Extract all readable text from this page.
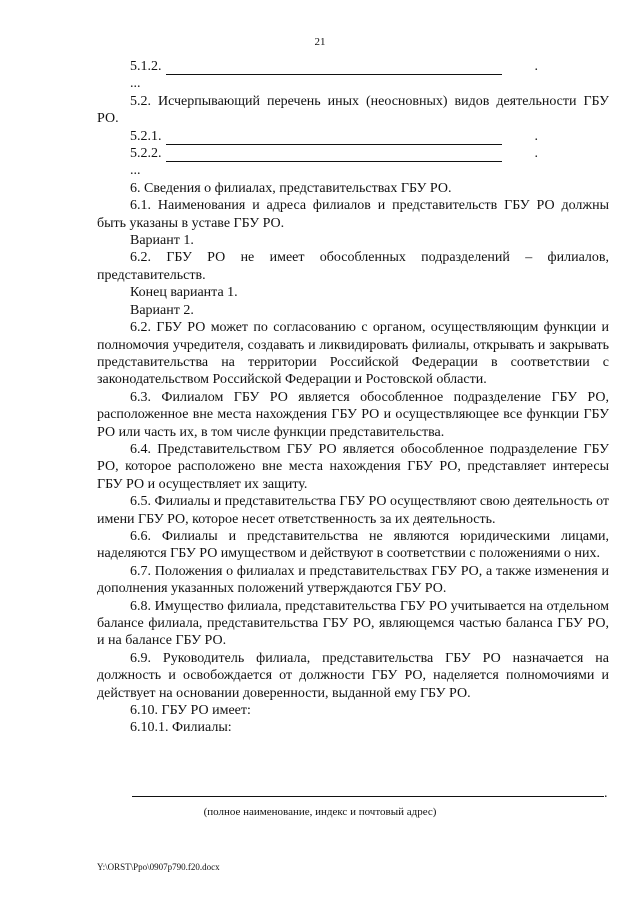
21

5.1.2.	.

...

5.2. Исчерпывающий перечень иных (неосновных) видов деятельности ГБУ РО.

5.2.1.	.

5.2.2.	.

...

6. Сведения о филиалах, представительствах ГБУ РО.

6.1. Наименования и адреса филиалов и представительств ГБУ РО должны быть указаны в уставе ГБУ РО.

Вариант 1.

6.2. ГБУ РО не имеет обособленных подразделений – филиалов, представительств.

Конец варианта 1.

Вариант 2.

6.2. ГБУ РО может по согласованию с органом, осуществляющим функции и полномочия учредителя, создавать и ликвидировать филиалы, открывать и закрывать представительства на территории Российской Федерации в соответствии с законодательством Российской Федерации и Ростовской области.

6.3. Филиалом ГБУ РО является обособленное подразделение ГБУ РО, расположенное вне места нахождения ГБУ РО и осуществляющее все функции ГБУ РО или часть их, в том числе функции представительства.

6.4. Представительством ГБУ РО является обособленное подразделение ГБУ РО, которое расположено вне места нахождения ГБУ РО, представляет интересы ГБУ РО и осуществляет их защиту.

6.5. Филиалы и представительства ГБУ РО осуществляют свою деятельность от имени ГБУ РО, которое несет ответственность за их деятельность.

6.6. Филиалы и представительства не являются юридическими лицами, наделяются ГБУ РО имуществом и действуют в соответствии с положениями о них.

6.7. Положения о филиалах и представительствах ГБУ РО, а также изменения и дополнения указанных положений утверждаются ГБУ РО.

6.8. Имущество филиала, представительства ГБУ РО учитывается на отдельном балансе филиала, представительства ГБУ РО, являющемся частью баланса ГБУ РО, и на балансе ГБУ РО.

6.9. Руководитель филиала, представительства ГБУ РО назначается на должность и освобождается от должности ГБУ РО, наделяется полномочиями и действует на основании доверенности, выданной ему ГБУ РО.

6.10. ГБУ РО имеет:

6.10.1. Филиалы:

.
(полное наименование, индекс и почтовый адрес)
Y:\ORST\Ppo\0907p790.f20.docx
